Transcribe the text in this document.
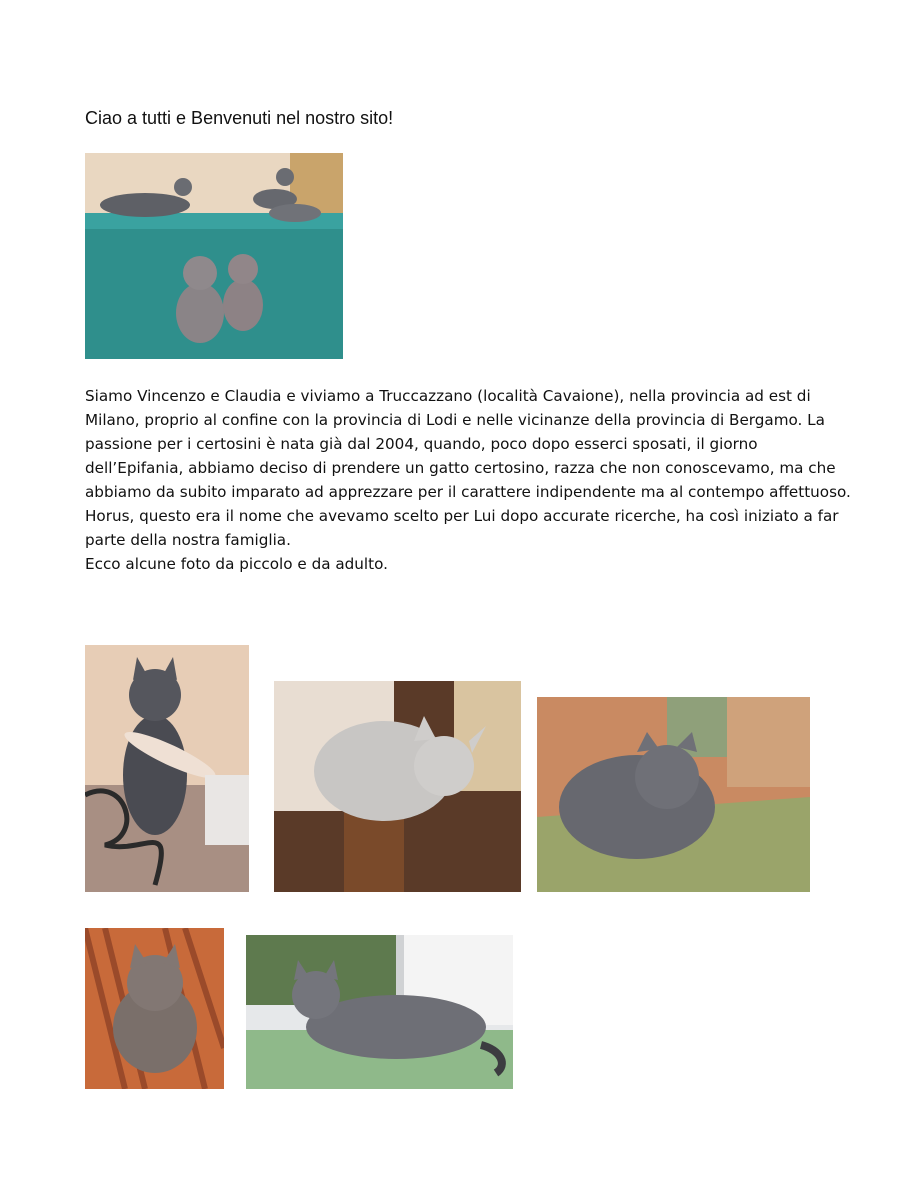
Ciao a tutti e Benvenuti nel nostro sito!

Siamo Vincenzo e Claudia e viviamo a Truccazzano (località Cavaione), nella provincia ad est di Milano, proprio al confine con la provincia di Lodi e nelle vicinanze della provincia di Bergamo. La passione per i certosini è nata già dal 2004, quando, poco dopo esserci sposati, il giorno dell’Epifania, abbiamo deciso di prendere un gatto certosino, razza che non conoscevamo, ma che abbiamo da subito imparato ad apprezzare per il carattere indipendente ma al contempo affettuoso.

Horus, questo era il nome che avevamo scelto per Lui dopo accurate ricerche, ha così iniziato a far parte della nostra famiglia.

Ecco alcune foto da piccolo e da adulto.
